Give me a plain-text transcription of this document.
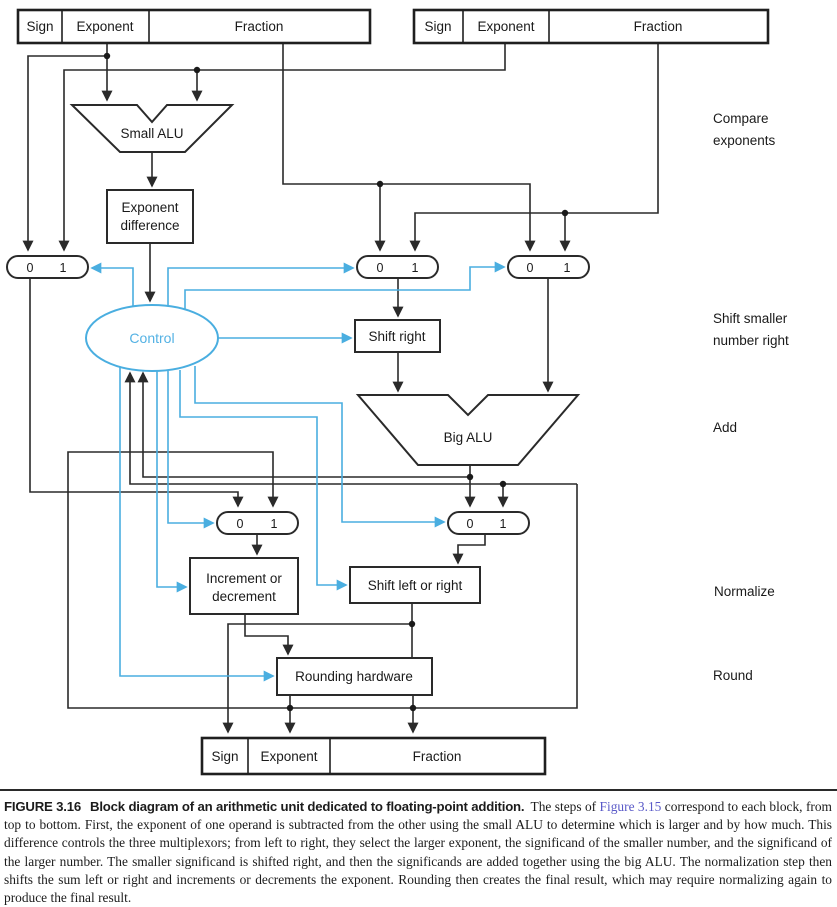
Sign Exponent	Fraction	Sign Exponent	Fraction
Small ALU
Exponent
difference
0 1	0 1	0 1
Control	Shift right
Big ALU
0 1	0 1
Increment or
decrement
Shift left or right
Rounding hardware
Sign Exponent	Fraction
Compare
exponents
Shift smaller
number right
Add
Normalize
Round
FIGURE 3.16 Block diagram of an arithmetic unit dedicated to floating-point addition. The steps of Figure 3.15 correspond to each block, from top to bottom. First, the exponent of one operand is subtracted from the other using the small ALU to determine which is larger and by how much. This difference controls the three multiplexors; from left to right, they select the larger exponent, the significand of the smaller number, and the significand of the larger number. The smaller significand is shifted right, and then the significands are added together using the big ALU. The normalization step then shifts the sum left or right and increments or decrements the exponent. Rounding then creates the final result, which may require normalizing again to produce the final result.
